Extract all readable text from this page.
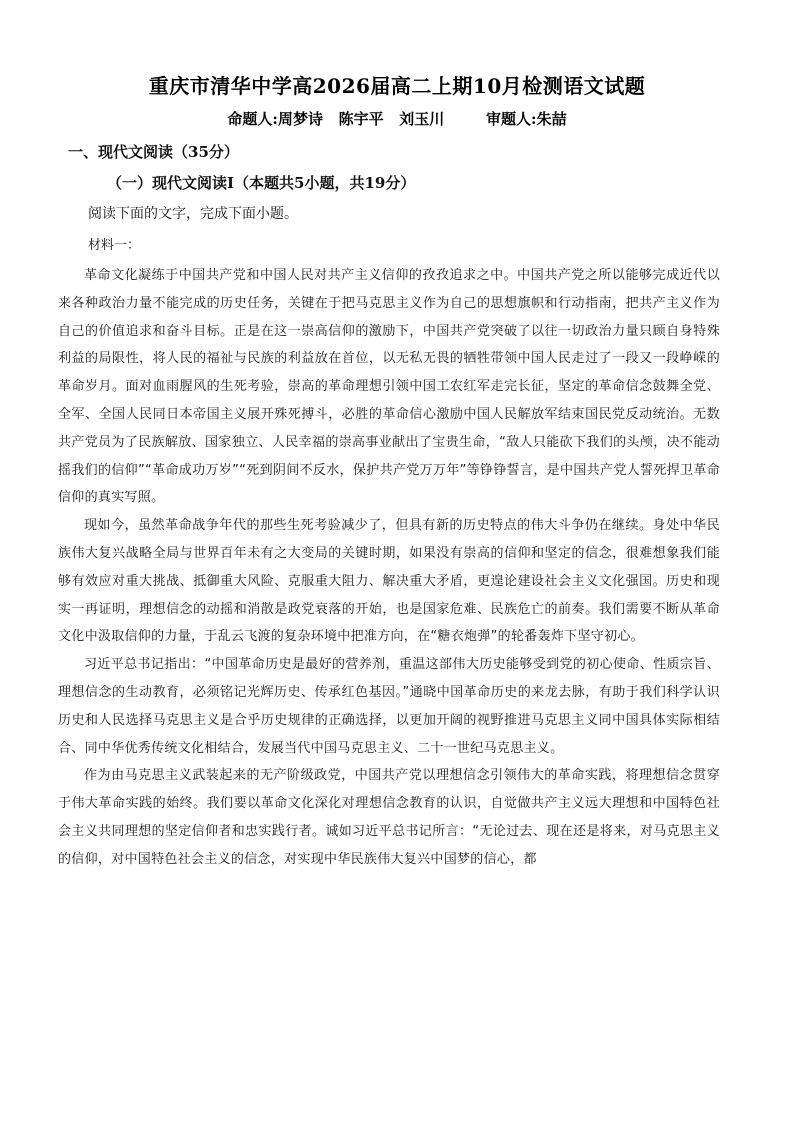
重庆市清华中学高2026届高二上期10月检测语文试题
命题人:周梦诗   陈宇平   刘玉川        审题人:朱喆
一、现代文阅读（35分）
（一）现代文阅读Ⅰ（本题共5小题，共19分）
阅读下面的文字，完成下面小题。
材料一：

革命文化凝练于中国共产党和中国人民对共产主义信仰的孜孜追求之中。中国共产党之所以能够完成近代以来各种政治力量不能完成的历史任务，关键在于把马克思主义作为自己的思想旗帜和行动指南，把共产主义作为自己的价值追求和奋斗目标。正是在这一崇高信仰的激励下，中国共产党突破了以往一切政治力量只顾自身特殊利益的局限性，将人民的福祉与民族的利益放在首位，以无私无畏的牺牲带领中国人民走过了一段又一段峥嵘的革命岁月。面对血雨腥风的生死考验，崇高的革命理想引领中国工农红军走完长征，坚定的革命信念鼓舞全党、全军、全国人民同日本帝国主义展开殊死搏斗，必胜的革命信心激励中国人民解放军结束国民党反动统治。无数共产党员为了民族解放、国家独立、人民幸福的崇高事业献出了宝贵生命，“敌人只能砍下我们的头颅，决不能动摇我们的信仰”“革命成功万岁”“死到阴间不反水，保护共产党万万年”等铮铮誓言，是中国共产党人誓死捍卫革命信仰的真实写照。

现如今，虽然革命战争年代的那些生死考验减少了，但具有新的历史特点的伟大斗争仍在继续。身处中华民族伟大复兴战略全局与世界百年未有之大变局的关键时期，如果没有崇高的信仰和坚定的信念，很难想象我们能够有效应对重大挑战、抵御重大风险、克服重大阻力、解决重大矛盾，更遑论建设社会主义文化强国。历史和现实一再证明，理想信念的动摇和消散是政党衰落的开始，也是国家危难、民族危亡的前奏。我们需要不断从革命文化中汲取信仰的力量，于乱云飞渡的复杂环境中把准方向，在“糖衣炮弹”的轮番轰炸下坚守初心。

习近平总书记指出：“中国革命历史是最好的营养剂，重温这部伟大历史能够受到党的初心使命、性质宗旨、理想信念的生动教育，必须铭记光辉历史、传承红色基因。”通晓中国革命历史的来龙去脉，有助于我们科学认识历史和人民选择马克思主义是合乎历史规律的正确选择，以更加开阔的视野推进马克思主义同中国具体实际相结合、同中华优秀传统文化相结合，发展当代中国马克思主义、二十一世纪马克思主义。

作为由马克思主义武装起来的无产阶级政党，中国共产党以理想信念引领伟大的革命实践，将理想信念贯穿于伟大革命实践的始终。我们要以革命文化深化对理想信念教育的认识，自觉做共产主义远大理想和中国特色社会主义共同理想的坚定信仰者和忠实践行者。诚如习近平总书记所言：“无论过去、现在还是将来，对马克思主义的信仰，对中国特色社会主义的信念，对实现中华民族伟大复兴中国梦的信心，都
